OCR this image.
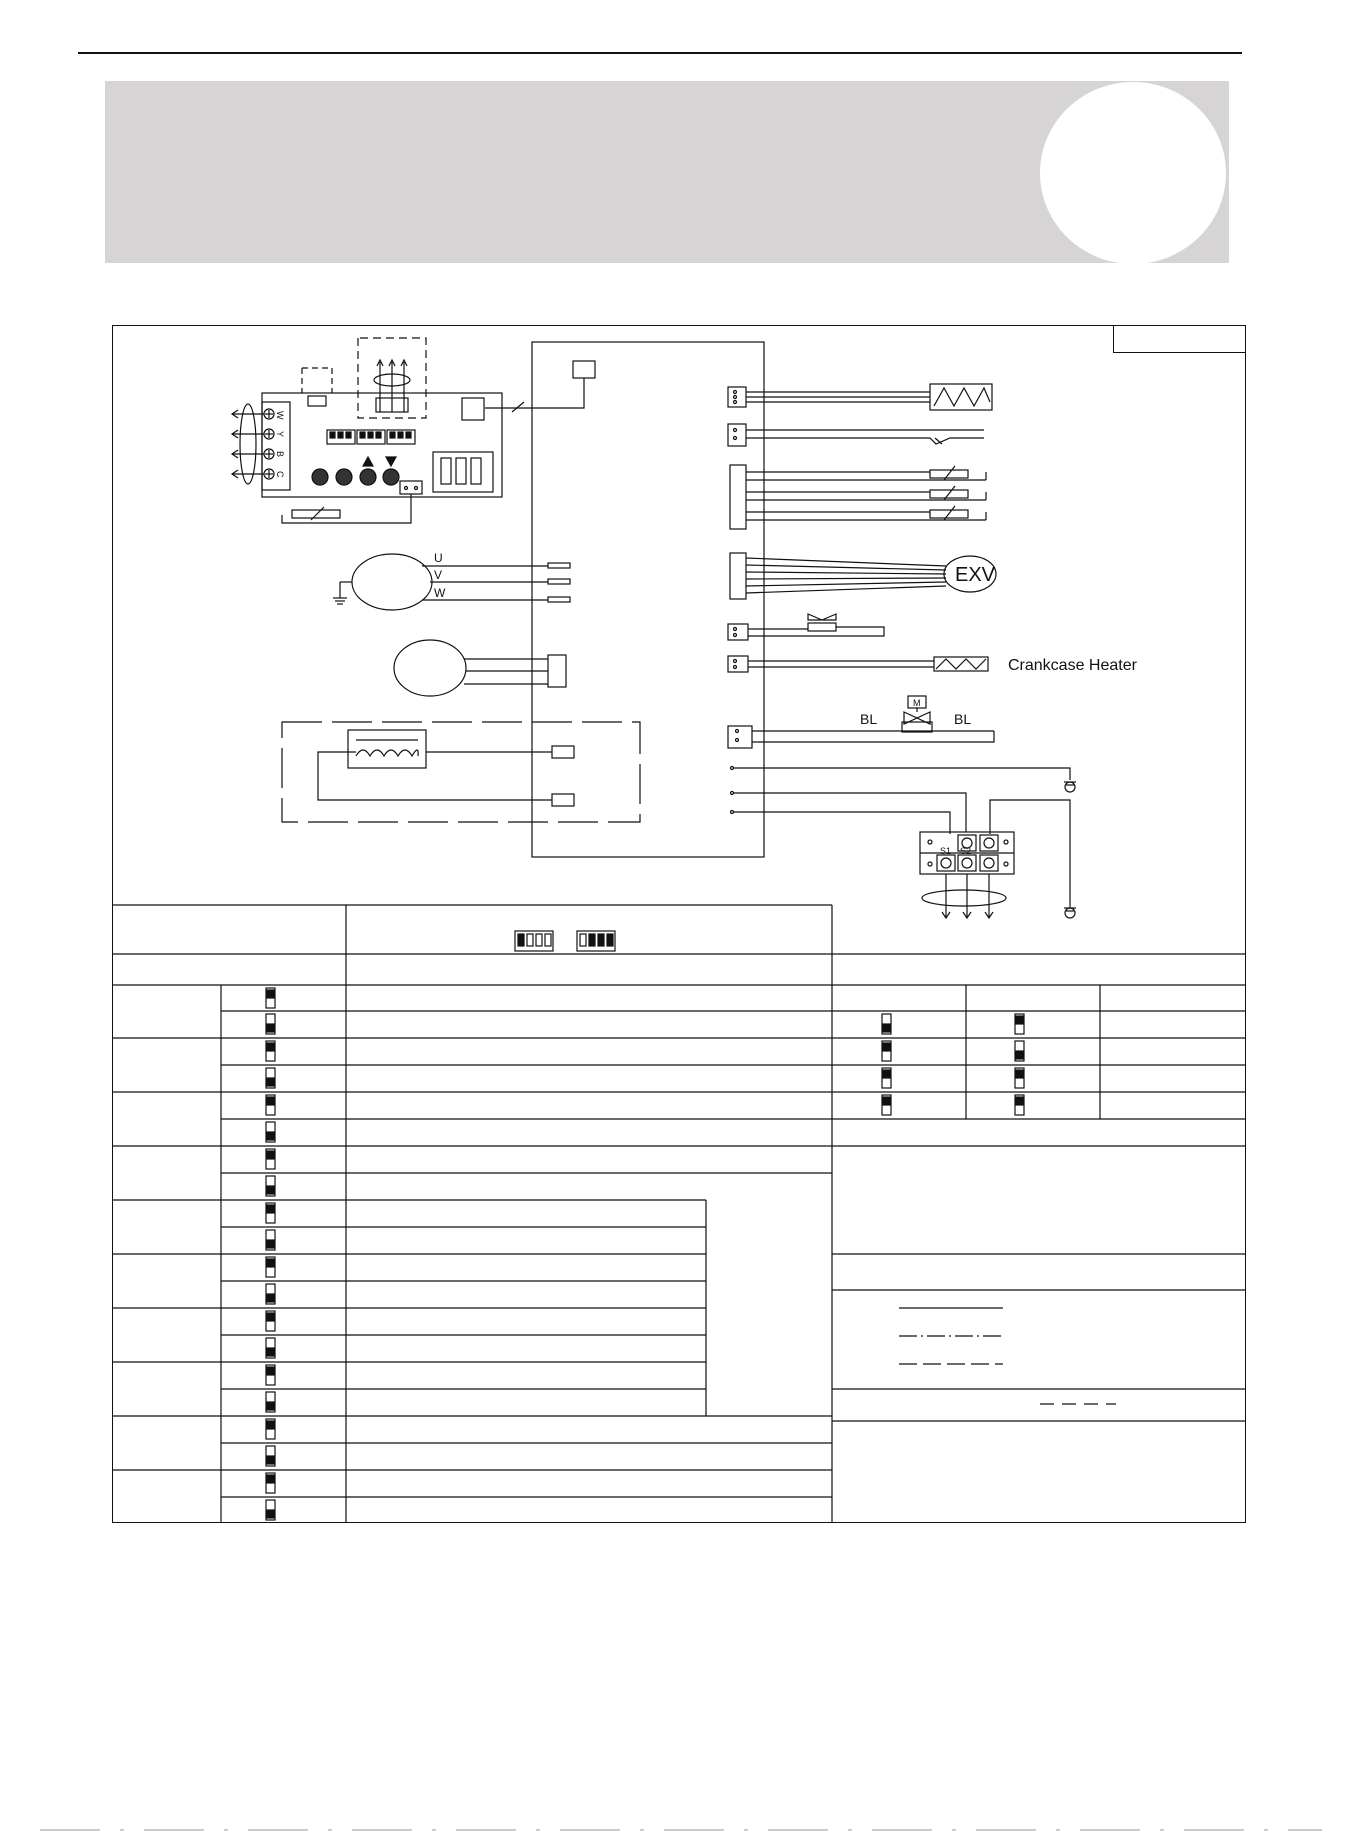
W
Y
B
C
U
V
W
EXV
Crankcase Heater
M
BL	BL
S1 S2
